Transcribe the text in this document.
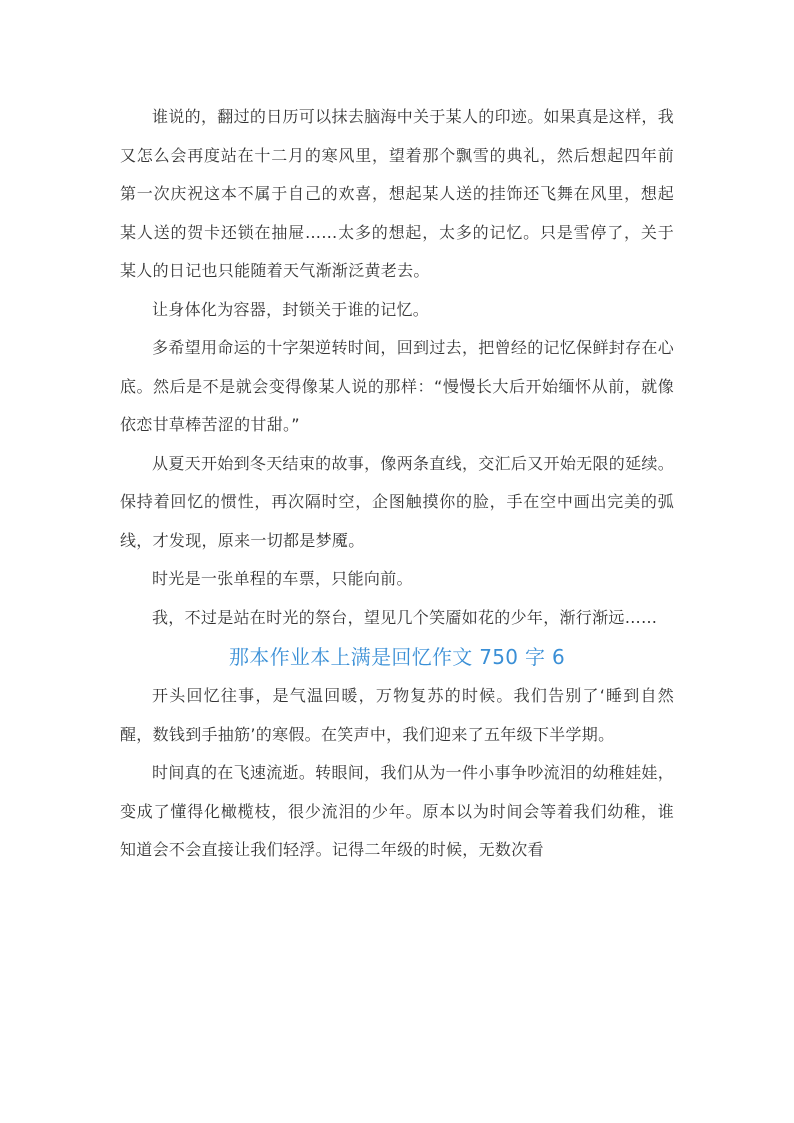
谁说的，翻过的日历可以抹去脑海中关于某人的印迹。如果真是这样，我又怎么会再度站在十二月的寒风里，望着那个飘雪的典礼，然后想起四年前第一次庆祝这本不属于自己的欢喜，想起某人送的挂饰还飞舞在风里，想起某人送的贺卡还锁在抽屉……太多的想起，太多的记忆。只是雪停了，关于某人的日记也只能随着天气渐渐泛黄老去。

让身体化为容器，封锁关于谁的记忆。

多希望用命运的十字架逆转时间，回到过去，把曾经的记忆保鲜封存在心底。然后是不是就会变得像某人说的那样：“慢慢长大后开始缅怀从前，就像依恋甘草棒苦涩的甘甜。”

从夏天开始到冬天结束的故事，像两条直线，交汇后又开始无限的延续。保持着回忆的惯性，再次隔时空，企图触摸你的脸，手在空中画出完美的弧线，才发现，原来一切都是梦魇。

时光是一张单程的车票，只能向前。

我，不过是站在时光的祭台，望见几个笑靥如花的少年，渐行渐远……

那本作业本上满是回忆作文 750 字 6

开头回忆往事，是气温回暖，万物复苏的时候。我们告别了‘睡到自然醒，数钱到手抽筋’的寒假。在笑声中，我们迎来了五年级下半学期。

时间真的在飞速流逝。转眼间，我们从为一件小事争吵流泪的幼稚娃娃，变成了懂得化橄榄枝，很少流泪的少年。原本以为时间会等着我们幼稚，谁知道会不会直接让我们轻浮。记得二年级的时候，无数次看
